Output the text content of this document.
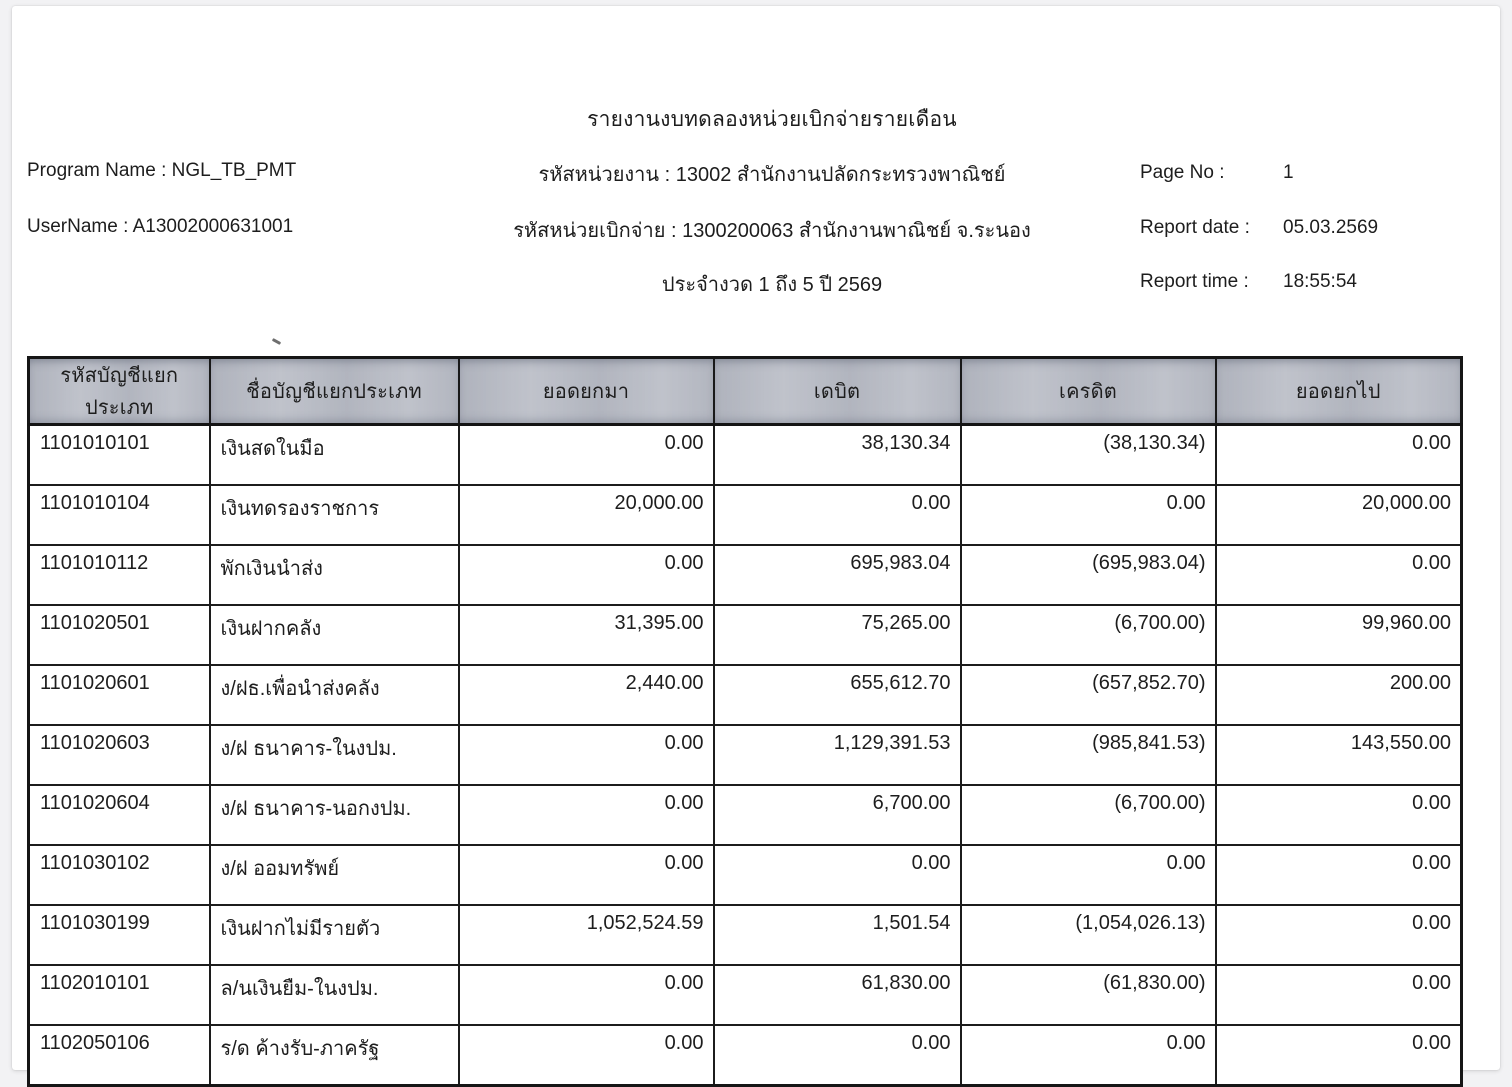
รายงานงบทดลองหน่วยเบิกจ่ายรายเดือน
Program Name : NGL_TB_PMT
UserName : A13002000631001
รหัสหน่วยงาน : 13002 สำนักงานปลัดกระทรวงพาณิชย์
รหัสหน่วยเบิกจ่าย : 1300200063 สำนักงานพาณิชย์ จ.ระนอง
ประจำงวด 1 ถึง 5 ปี 2569
Page No :	1
Report date : 05.03.2569
Report time : 18:55:54
รหัสบัญชีแยกประเภท	ชื่อบัญชีแยกประเภท	ยอดยกมา	เดบิต	เครดิต	ยอดยกไป
1101010101	เงินสดในมือ	0.00	38,130.34	(38,130.34)	0.00
1101010104	เงินทดรองราชการ	20,000.00	0.00	0.00	20,000.00
1101010112	พักเงินนำส่ง	0.00	695,983.04	(695,983.04)	0.00
1101020501	เงินฝากคลัง	31,395.00	75,265.00	(6,700.00)	99,960.00
1101020601	ง/ฝธ.เพื่อนำส่งคลัง	2,440.00	655,612.70	(657,852.70)	200.00
1101020603	ง/ฝ ธนาคาร-ในงปม.	0.00	1,129,391.53	(985,841.53)	143,550.00
1101020604	ง/ฝ ธนาคาร-นอกงปม.	0.00	6,700.00	(6,700.00)	0.00
1101030102	ง/ฝ ออมทรัพย์	0.00	0.00	0.00	0.00
1101030199	เงินฝากไม่มีรายตัว	1,052,524.59	1,501.54	(1,054,026.13)	0.00
1102010101	ล/นเงินยืม-ในงปม.	0.00	61,830.00	(61,830.00)	0.00
1102050106	ร/ด ค้างรับ-ภาครัฐ	0.00	0.00	0.00	0.00
